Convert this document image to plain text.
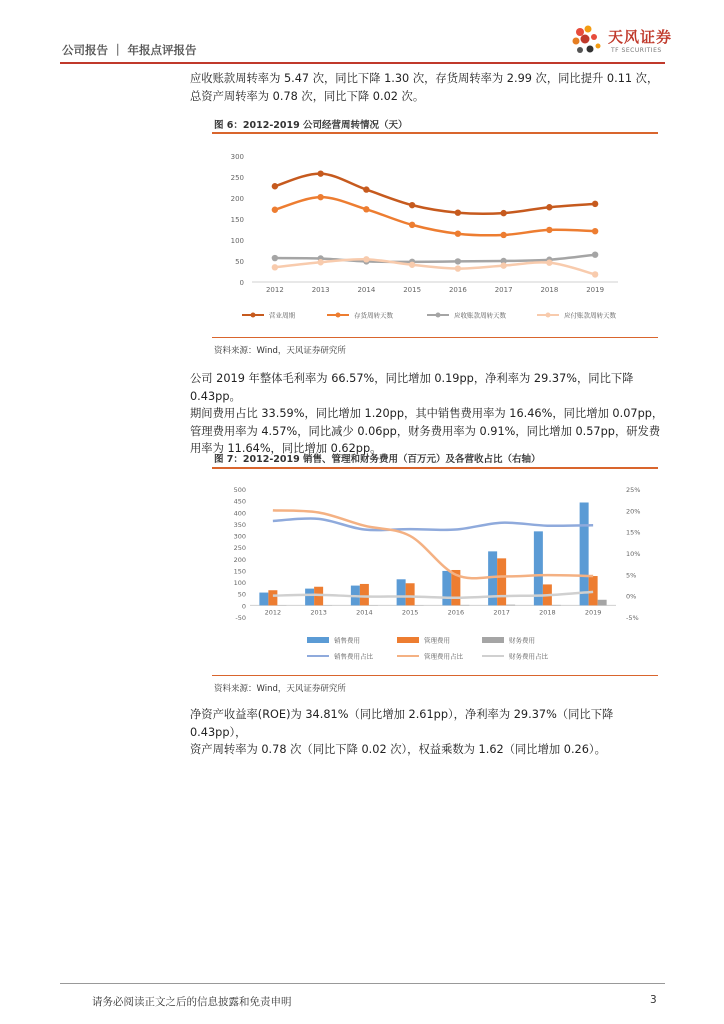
公司报告 ｜ 年报点评报告
天风证券
TF SECURITIES
应收账款周转率为 5.47 次，同比下降 1.30 次，存货周转率为 2.99 次，同比提升 0.11 次，
总资产周转率为 0.78 次，同比下降 0.02 次。
图 6：2012-2019 公司经营周转情况（天）
0
50
100
150
200
250
300
2012	2013	2014	2015	2016	2017	2018	2019
营业周期	存货周转天数	应收账款周转天数	应付账款周转天数
资料来源：Wind，天风证券研究所
公司 2019 年整体毛利率为 66.57%，同比增加 0.19pp，净利率为 29.37%，同比下降 0.43pp。
期间费用占比 33.59%，同比增加 1.20pp，其中销售费用率为 16.46%，同比增加 0.07pp，
管理费用率为 4.57%，同比减少 0.06pp，财务费用率为 0.91%，同比增加 0.57pp，研发费
用率为 11.64%，同比增加 0.62pp。
图 7：2012-2019 销售、管理和财务费用（百万元）及各营收占比（右轴）
-50
0
50
100
150
200
250
300
350
400
450
500
-5%
0%
5%
10%
15%
20%
25%
2012	2013	2014	2015	2016	2017	2018	2019
销售费用	管理费用	财务费用
销售费用占比	管理费用占比	财务费用占比
资料来源：Wind，天风证券研究所
净资产收益率(ROE)为 34.81%（同比增加 2.61pp），净利率为 29.37%（同比下降 0.43pp），
资产周转率为 0.78 次（同比下降 0.02 次），权益乘数为 1.62（同比增加 0.26）。
请务必阅读正文之后的信息披露和免责申明	3
